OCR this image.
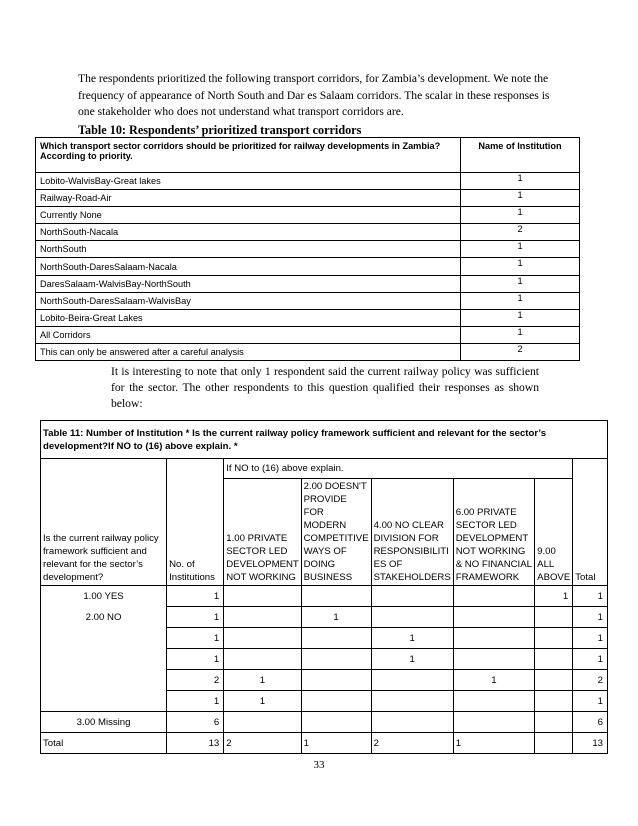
The respondents prioritized the following transport corridors, for Zambia’s development. We note the frequency of appearance of North South and Dar es Salaam corridors. The scalar in these responses is one stakeholder who does not understand what transport corridors are.

Table 10: Respondents’ prioritized transport corridors

Which transport sector corridors should be prioritized for railway developments in Zambia? According to priority.	Name of Institution
Lobito-WalvisBay-Great lakes	1
Railway-Road-Air	1
Currently None	1
NorthSouth-Nacala	2
NorthSouth	1
NorthSouth-DaresSalaam-Nacala	1
DaresSalaam-WalvisBay-NorthSouth	1
NorthSouth-DaresSalaam-WalvisBay	1
Lobito-Beira-Great Lakes	1
All Corridors	1
This can only be answered after a careful analysis	2

It is interesting to note that only 1 respondent said the current railway policy was sufficient for the sector. The other respondents to this question qualified their responses as shown below:

Table 11: Number of Institution * Is the current railway policy framework sufficient and relevant for the sector’s development?If NO to (16) above explain. *							
		If NO to (16) above explain.					
Is the current railway policy framework sufficient and relevant for the sector’s development?	No. of Institutions	1.00 PRIVATE SECTOR LED DEVELOPMENT NOT WORKING	2.00 DOESN'T PROVIDE FOR MODERN COMPETITIVE WAYS OF DOING BUSINESS	4.00 NO CLEAR DIVISION FOR RESPONSIBILITI ES OF STAKEHOLDERS	6.00 PRIVATE SECTOR LED DEVELOPMENT NOT WORKING & NO FINANCIAL FRAMEWORK	9.00 ALL ABOVE	Total
1.00 YES	1					1	1
2.00 NO	1		1				1
	1			1			1
	1			1			1
	2	1			1		2
	1	1					1
3.00 Missing	6						6
Total	13	2	1	2	1		13

33
